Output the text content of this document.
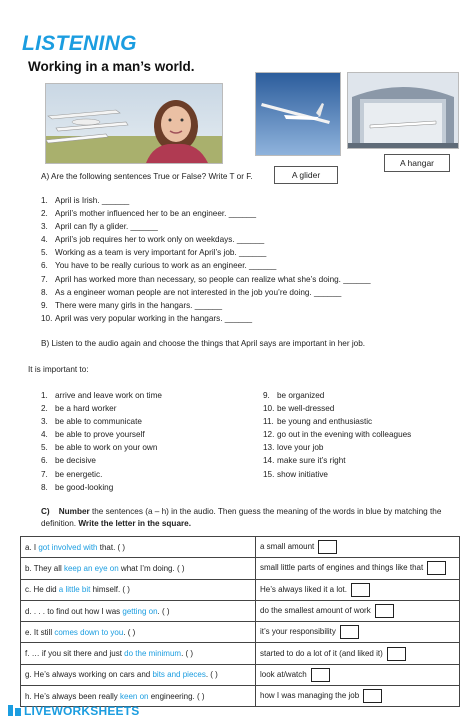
LISTENING
Working in a man’s world.
A hangar
A glider
A) Are the following sentences True or False? Write T or F.
1. April is Irish. ______
2. April’s mother influenced her to be an engineer. ______
3. April can fly a glider. ______
4. April’s job requires her to work only on weekdays. ______
5. Working as a team is very important for April’s job. ______
6. You have to be really curious to work as an engineer. ______
7. April has worked more than necessary, so people can realize what she’s doing. ______
8. As a engineer woman people are not interested in the job you’re doing. ______
9. There were many girls in the hangars. ______
10. April was very popular working in the hangars. ______
B) Listen to the audio again and choose the things that April says are important in her job.
It is important to:
1. arrive and leave work on time
2. be a hard worker
3. be able to communicate
4. be able to prove yourself
5. be able to work on your own
6. be decisive
7. be energetic.
8. be good-looking
9. be organized
10. be well-dressed
11. be young and enthusiastic
12. go out in the evening with colleagues
13. love your job
14. make sure it’s right
15. show initiative
C) Number the sentences (a – h) in the audio. Then guess the meaning of the words in blue by matching the definition. Write the letter in the square.
a. I got involved with that. ( )	a small amount
b. They all keep an eye on what I’m doing. ( )	small little parts of engines and things like that
c. He did a little bit himself. ( )	He’s always liked it a lot.
d. . . . to find out how I was getting on. ( )	do the smallest amount of work
e. It still comes down to you. ( )	it’s your responsibility
f. … if you sit there and just do the minimum. ( )	started to do a lot of it (and liked it)
g. He’s always working on cars and bits and pieces. ( )	look at/watch
h. He’s always been really keen on engineering. ( )	how I was managing the job
LIVEWORKSHEETS
